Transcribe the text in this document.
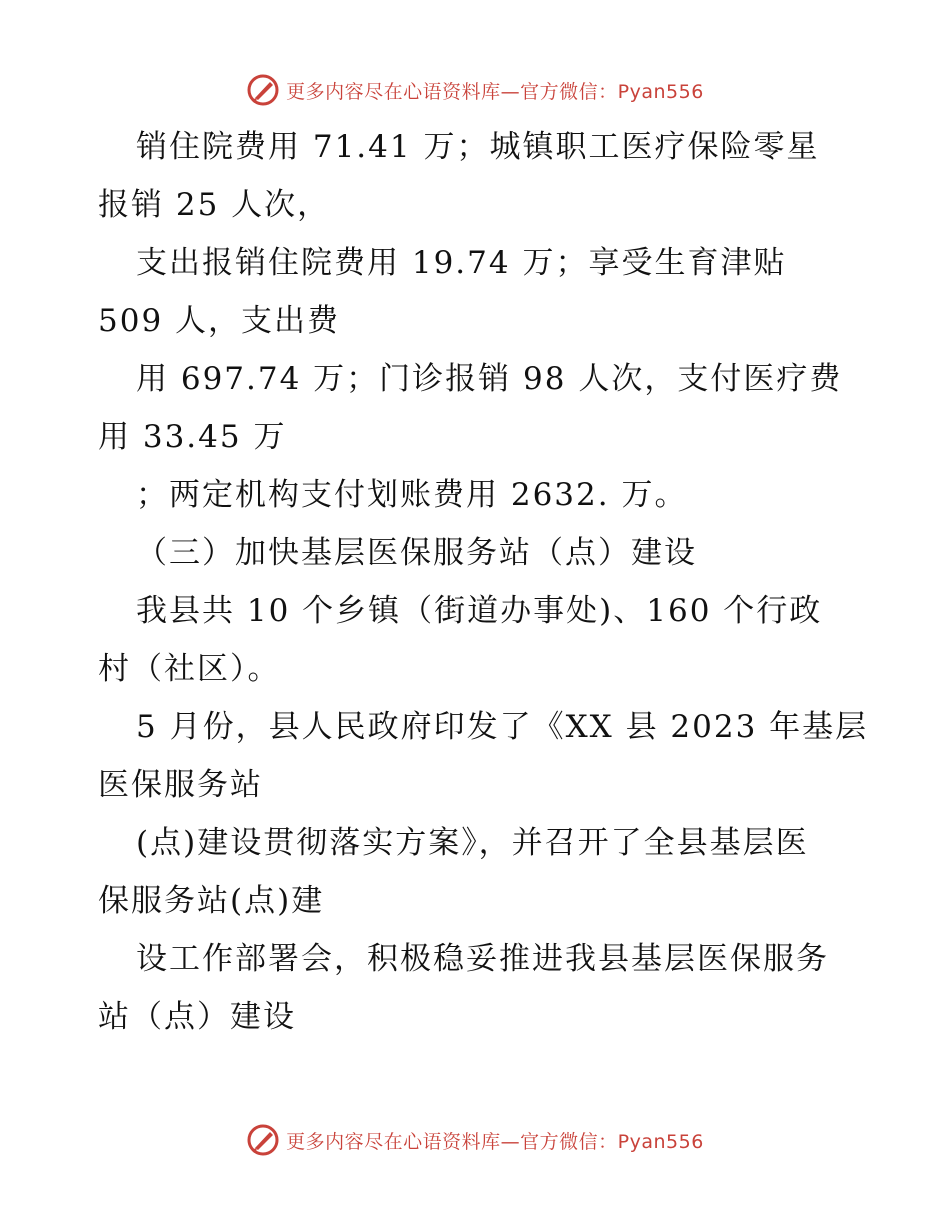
更多内容尽在心语资料库—官方微信：Pyan556
销住院费用 71.41 万；城镇职工医疗保险零星
报销 25 人次，
支出报销住院费用 19.74 万；享受生育津贴
509 人，支出费
用 697.74 万；门诊报销 98 人次，支付医疗费
用 33.45 万
；两定机构支付划账费用 2632. 万。
（三）加快基层医保服务站（点）建设
我县共 10 个乡镇（街道办事处)、160 个行政
村（社区）。
5 月份，县人民政府印发了《XX 县 2023 年基层
医保服务站
(点)建设贯彻落实方案》，并召开了全县基层医
保服务站(点)建
设工作部署会，积极稳妥推进我县基层医保服务
站（点）建设
更多内容尽在心语资料库—官方微信：Pyan556
